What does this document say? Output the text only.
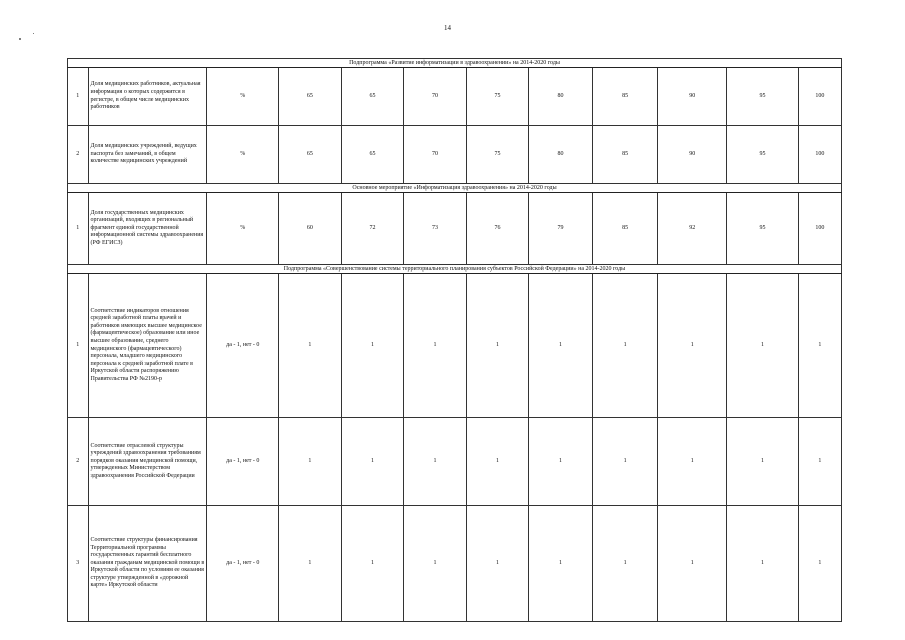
14
Подпрограмма «Развитие информатизации в здравоохранении» на 2014-2020 годы											
1	Доля медицинских работников, актуальная информация о которых содержится в регистре, в общем числе медицинских работников	%	65	65	70	75	80	85	90	95	100
2	Доля медицинских учреждений, ведущих паспорта без замечаний, в общем количестве медицинских учреждений	%	65	65	70	75	80	85	90	95	100
Основное мероприятие «Информатизация здравоохранения» на 2014-2020 годы											
1	Доля государственных медицинских организаций, входящих в региональный фрагмент единой государственной информационной системы здравоохранения (РФ ЕГИСЗ)	%	60	72	73	76	79	85	92	95	100
Подпрограмма «Совершенствование системы территориального планирования субъектов Российской Федерации» на 2014-2020 годы											
1	Соответствие индикаторов отношения средней заработной платы врачей и работников имеющих высшее медицинское (фармацевтическое) образование или иное высшее образование, среднего медицинского (фармацевтического) персонала, младшего медицинского персонала к средней заработной плате в Иркутской области распоряжению Правительства РФ №2190-р	да - 1, нет - 0	1	1	1	1	1	1	1	1	1
2	Соответствие отраслевой структуры учреждений здравоохранения требованиям порядков оказания медицинской помощи, утвержденных Министерством здравоохранения Российской Федерации	да - 1, нет - 0	1	1	1	1	1	1	1	1	1
3	Соответствие структуры финансирования Территориальной программы государственных гарантий бесплатного оказания гражданам медицинской помощи в Иркутской области по условиям ее оказания структуре утвержденной в «дорожной карте» Иркутской области	да - 1, нет - 0	1	1	1	1	1	1	1	1	1
